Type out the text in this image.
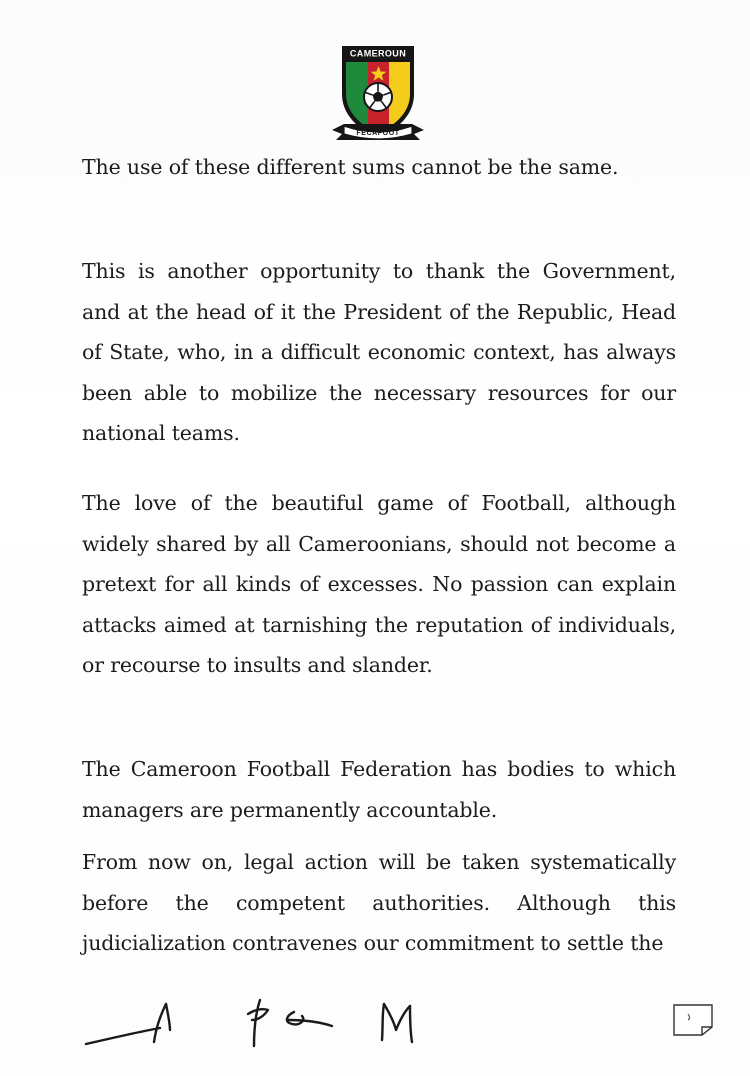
CAMEROUN
FECAFOOT

The use of these different sums cannot be the same.

This is another opportunity to thank the Government, and at the head of it the President of the Republic, Head of State, who, in a difficult economic context, has always been able to mobilize the necessary resources for our national teams.

The love of the beautiful game of Football, although widely shared by all Cameroonians, should not become a pretext for all kinds of excesses. No passion can explain attacks aimed at tarnishing the reputation of individuals, or recourse to insults and slander.

The Cameroon Football Federation has bodies to which managers are permanently accountable.

From now on, legal action will be taken systematically before the competent authorities. Although this judicialization contravenes our commitment to settle the
